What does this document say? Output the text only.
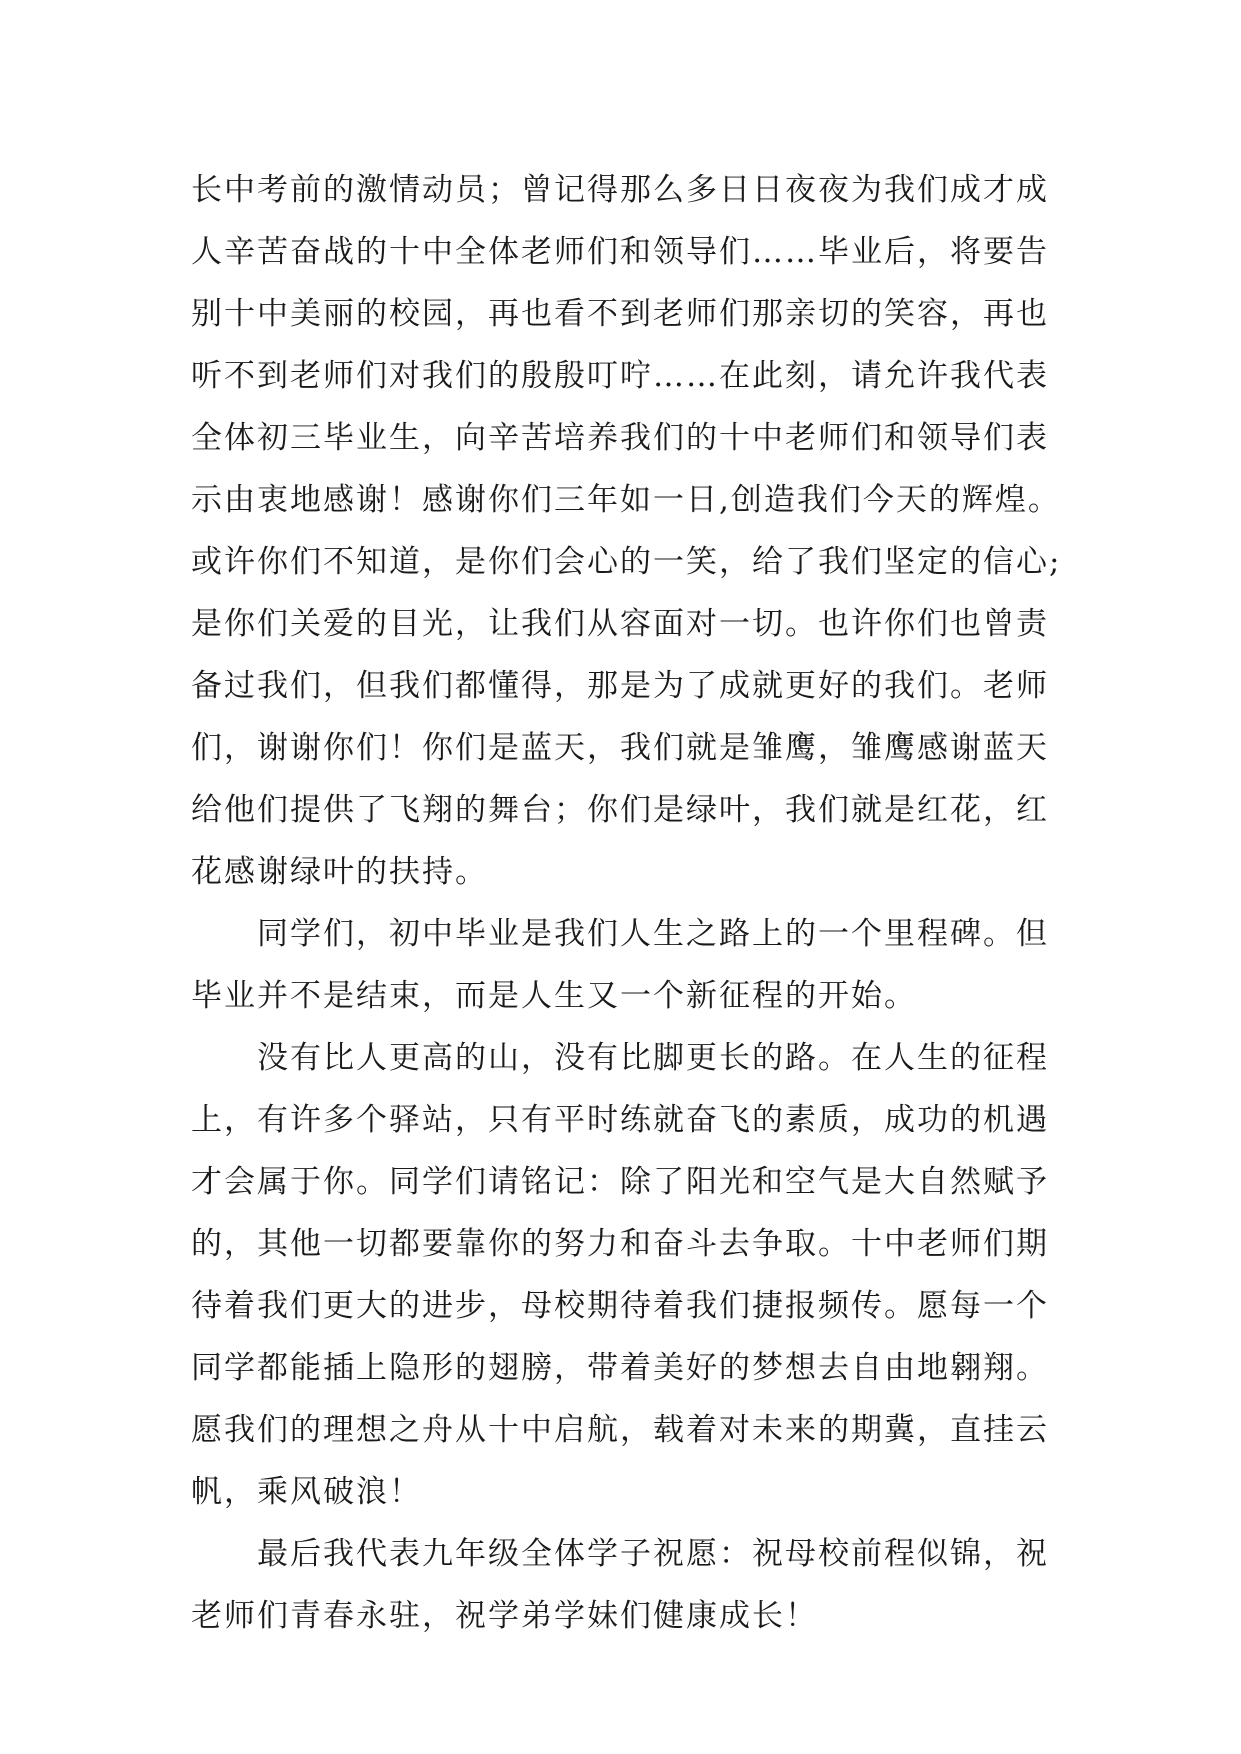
长中考前的激情动员；曾记得那么多日日夜夜为我们成才成
人辛苦奋战的十中全体老师们和领导们……毕业后，将要告
别十中美丽的校园，再也看不到老师们那亲切的笑容，再也
听不到老师们对我们的殷殷叮咛……在此刻，请允许我代表
全体初三毕业生，向辛苦培养我们的十中老师们和领导们表
示由衷地感谢！感谢你们三年如一日,创造我们今天的辉煌。
或许你们不知道，是你们会心的一笑，给了我们坚定的信心;
是你们关爱的目光，让我们从容面对一切。也许你们也曾责
备过我们，但我们都懂得，那是为了成就更好的我们。老师
们，谢谢你们！你们是蓝天，我们就是雏鹰，雏鹰感谢蓝天
给他们提供了飞翔的舞台；你们是绿叶，我们就是红花，红
花感谢绿叶的扶持。
同学们，初中毕业是我们人生之路上的一个里程碑。但
毕业并不是结束，而是人生又一个新征程的开始。
没有比人更高的山，没有比脚更长的路。在人生的征程
上，有许多个驿站，只有平时练就奋飞的素质，成功的机遇
才会属于你。同学们请铭记：除了阳光和空气是大自然赋予
的，其他一切都要靠你的努力和奋斗去争取。十中老师们期
待着我们更大的进步，母校期待着我们捷报频传。愿每一个
同学都能插上隐形的翅膀，带着美好的梦想去自由地翱翔。
愿我们的理想之舟从十中启航，载着对未来的期冀，直挂云
帆，乘风破浪！
最后我代表九年级全体学子祝愿：祝母校前程似锦，祝
老师们青春永驻，祝学弟学妹们健康成长！
